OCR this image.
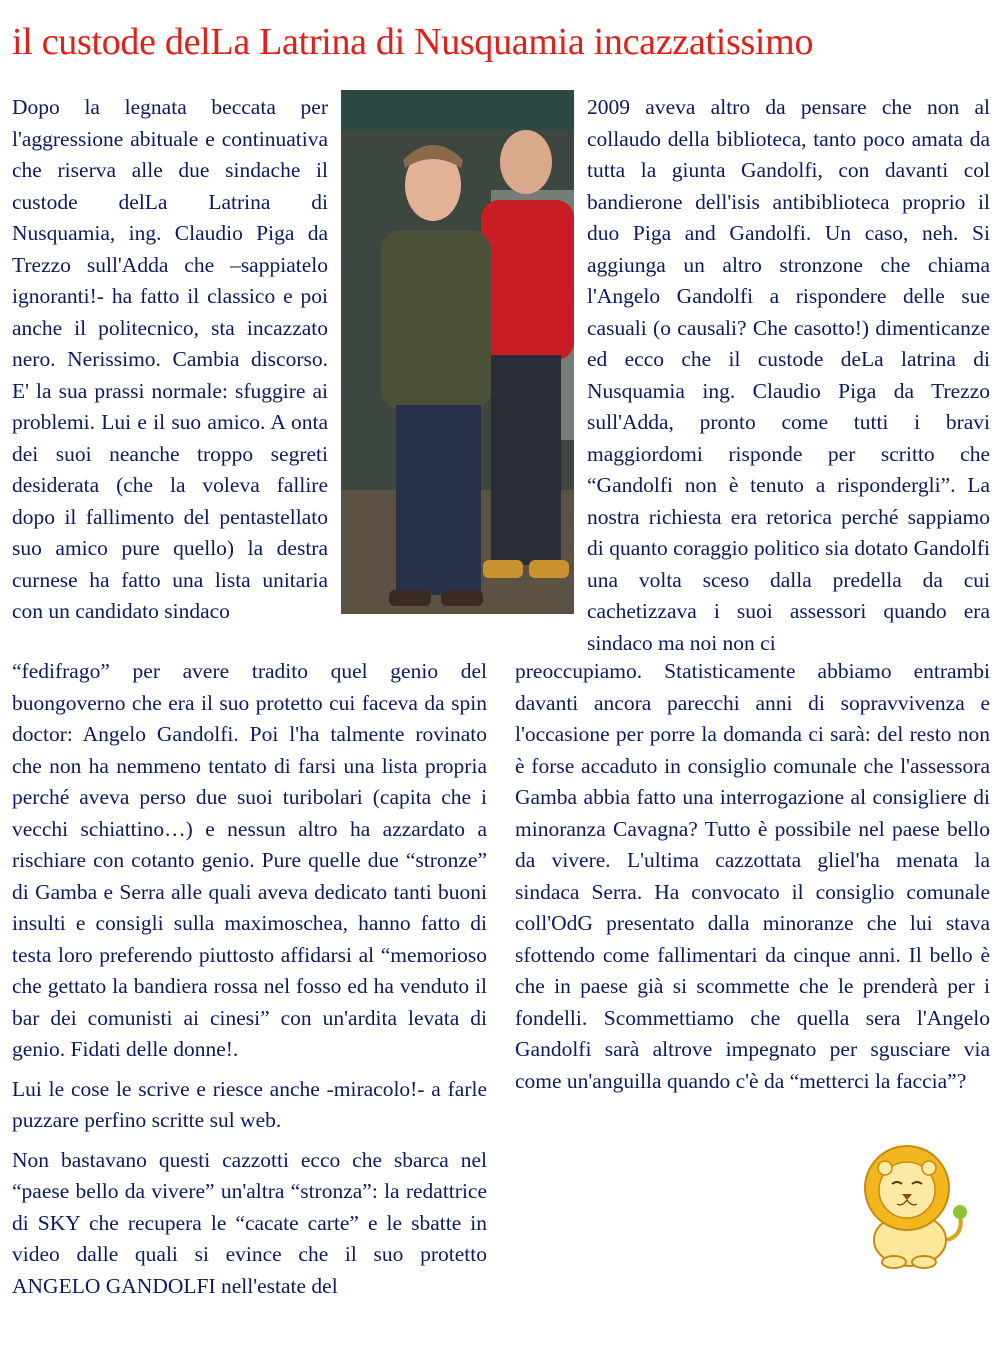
il custode delLa Latrina di Nusquamia incazzatissimo

Dopo la legnata beccata per l'aggressione abituale e continuativa che riserva alle due sindache il custode delLa Latrina di Nusquamia, ing. Claudio Piga da Trezzo sull'Adda che –sappiatelo ignoranti!- ha fatto il classico e poi anche il politecnico, sta incazzato nero. Nerissimo. Cambia discorso. E' la sua prassi normale: sfuggire ai problemi. Lui e il suo amico. A onta dei suoi neanche troppo segreti desiderata (che la voleva fallire dopo il fallimento del pentastellato suo amico pure quello) la destra curnese ha fatto una lista unitaria con un candidato sindaco

2009 aveva altro da pensare che non al collaudo della biblioteca, tanto poco amata da tutta la giunta Gandolfi, con davanti col bandierone dell'isis antibiblioteca proprio il duo Piga and Gandolfi. Un caso, neh. Si aggiunga un altro stronzone che chiama l'Angelo Gandolfi a rispondere delle sue casuali (o causali? Che casotto!) dimenticanze ed ecco che il custode deLa latrina di Nusquamia ing. Claudio Piga da Trezzo sull'Adda, pronto come tutti i bravi maggiordomi risponde per scritto che “Gandolfi non è tenuto a rispondergli”. La nostra richiesta era retorica perché sappiamo di quanto coraggio politico sia dotato Gandolfi una volta sceso dalla predella da cui cachetizzava i suoi assessori quando era sindaco ma noi non ci

“fedifrago” per avere tradito quel genio del buongoverno che era il suo protetto cui faceva da spin doctor: Angelo Gandolfi. Poi l'ha talmente rovinato che non ha nemmeno tentato di farsi una lista propria perché aveva perso due suoi turibolari (capita che i vecchi schiattino…) e nessun altro ha azzardato a rischiare con cotanto genio. Pure quelle due “stronze” di Gamba e Serra alle quali aveva dedicato tanti buoni insulti e consigli sulla maximoschea, hanno fatto di testa loro preferendo piuttosto affidarsi al “memorioso che gettato la bandiera rossa nel fosso ed ha venduto il bar dei comunisti ai cinesi” con un'ardita levata di genio. Fidati delle donne!.

Lui le cose le scrive e riesce anche -miracolo!- a farle puzzare perfino scritte sul web.

Non bastavano questi cazzotti ecco che sbarca nel “paese bello da vivere” un'altra “stronza”: la redattrice di SKY che recupera le “cacate carte” e le sbatte in video dalle quali si evince che il suo protetto ANGELO GANDOLFI nell'estate del

preoccupiamo. Statisticamente abbiamo entrambi davanti ancora parecchi anni di sopravvivenza e l'occasione per porre la domanda ci sarà: del resto non è forse accaduto in consiglio comunale che l'assessora Gamba abbia fatto una interrogazione al consigliere di minoranza Cavagna? Tutto è possibile nel paese bello da vivere. L'ultima cazzottata gliel'ha menata la sindaca Serra. Ha convocato il consiglio comunale coll'OdG presentato dalla minoranze che lui stava sfottendo come fallimentari da cinque anni. Il bello è che in paese già si scommette che le prenderà per i fondelli. Scommettiamo che quella sera l'Angelo Gandolfi sarà altrove impegnato per sgusciare via come un'anguilla quando c'è da “metterci la faccia”?
